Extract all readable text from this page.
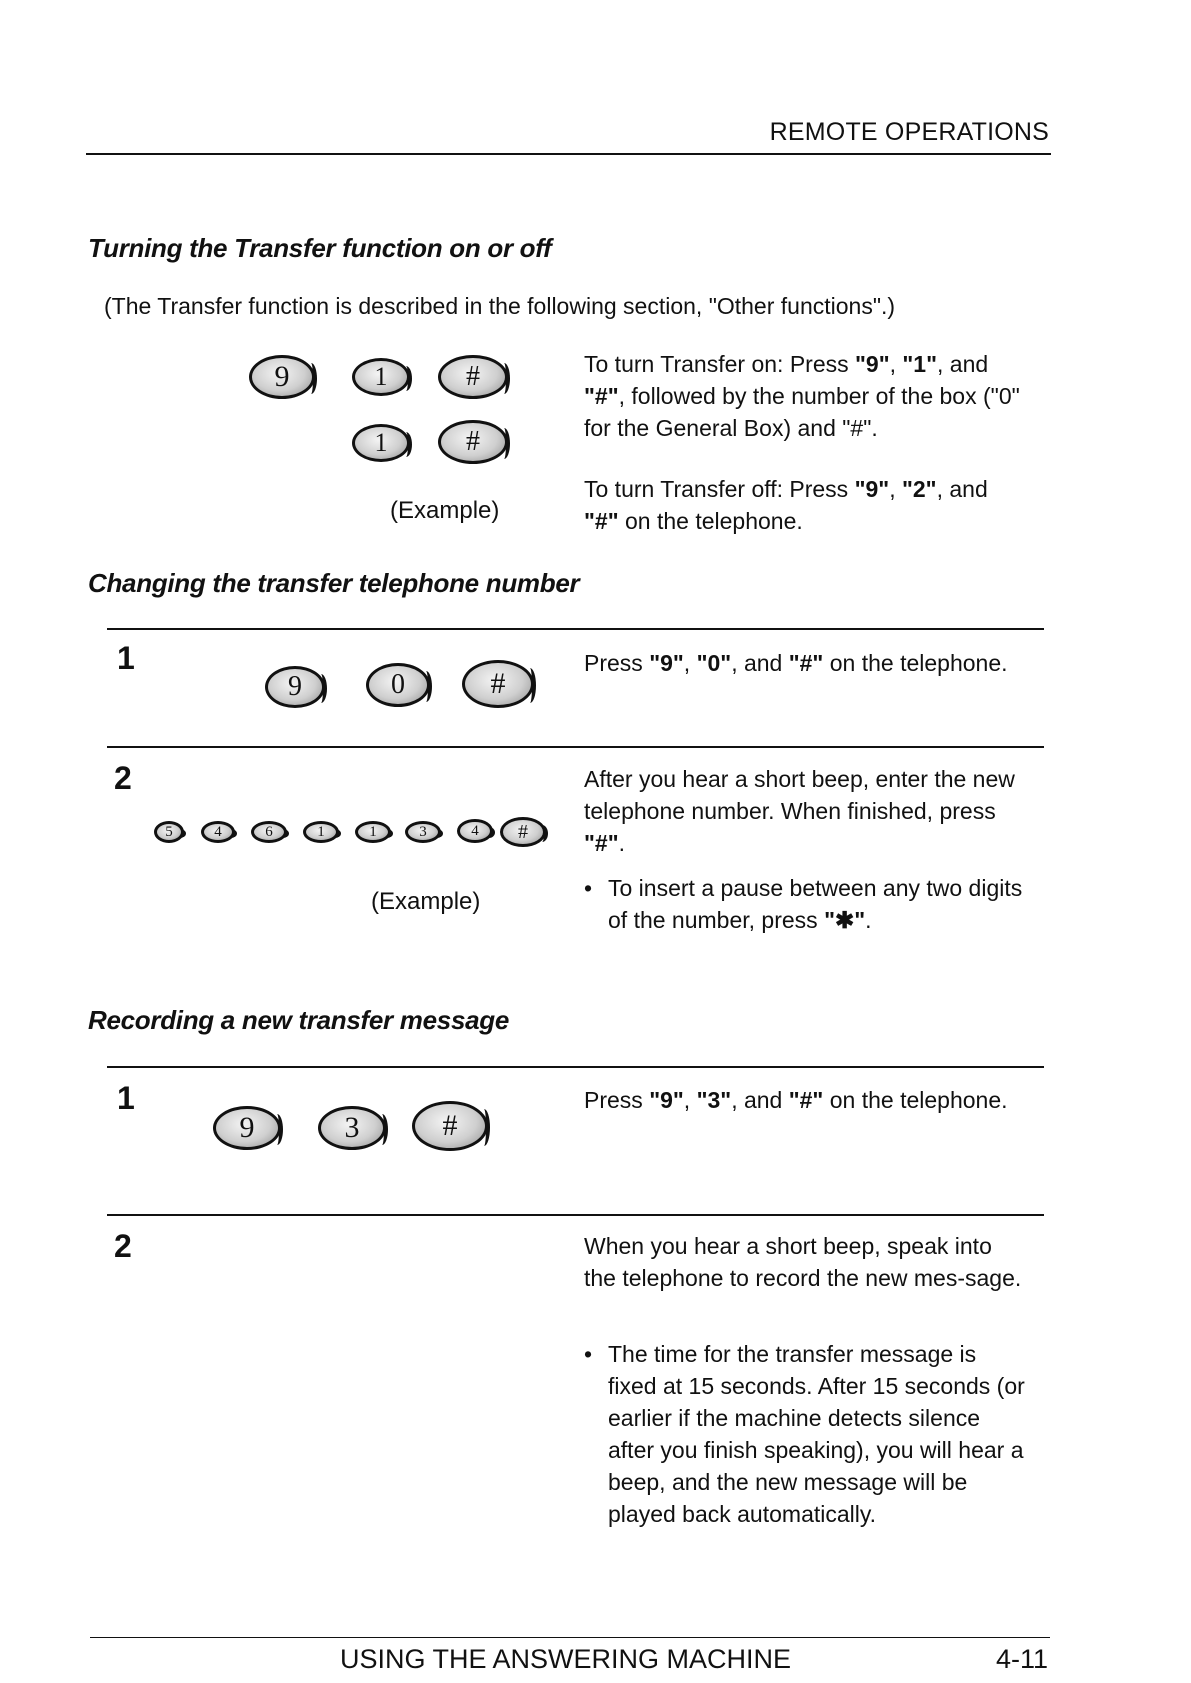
REMOTE OPERATIONS
Turning the Transfer function on or off
(The Transfer function is described in the following section, "Other functions".)
9	1	#
1	#
(Example)
To turn Transfer on: Press "9", "1", and "#", followed by the number of the box ("0" for the General Box) and "#".
To turn Transfer off: Press "9", "2", and "#" on the telephone.
Changing the transfer telephone number
1
9	0	#
Press "9", "0", and "#" on the telephone.
2
5	4	6	1	1	3	4 #
(Example)
After you hear a short beep, enter the new telephone number. When finished, press "#".
• To insert a pause between any two digits of the number, press "✱".
Recording a new transfer message
1
9	3	#
Press "9", "3", and "#" on the telephone.
2	When you hear a short beep, speak into the telephone to record the new mes-sage.
• The time for the transfer message is fixed at 15 seconds. After 15 seconds (or earlier if the machine detects silence after you finish speaking), you will hear a beep, and the new message will be played back automatically.
USING THE ANSWERING MACHINE	4-11
